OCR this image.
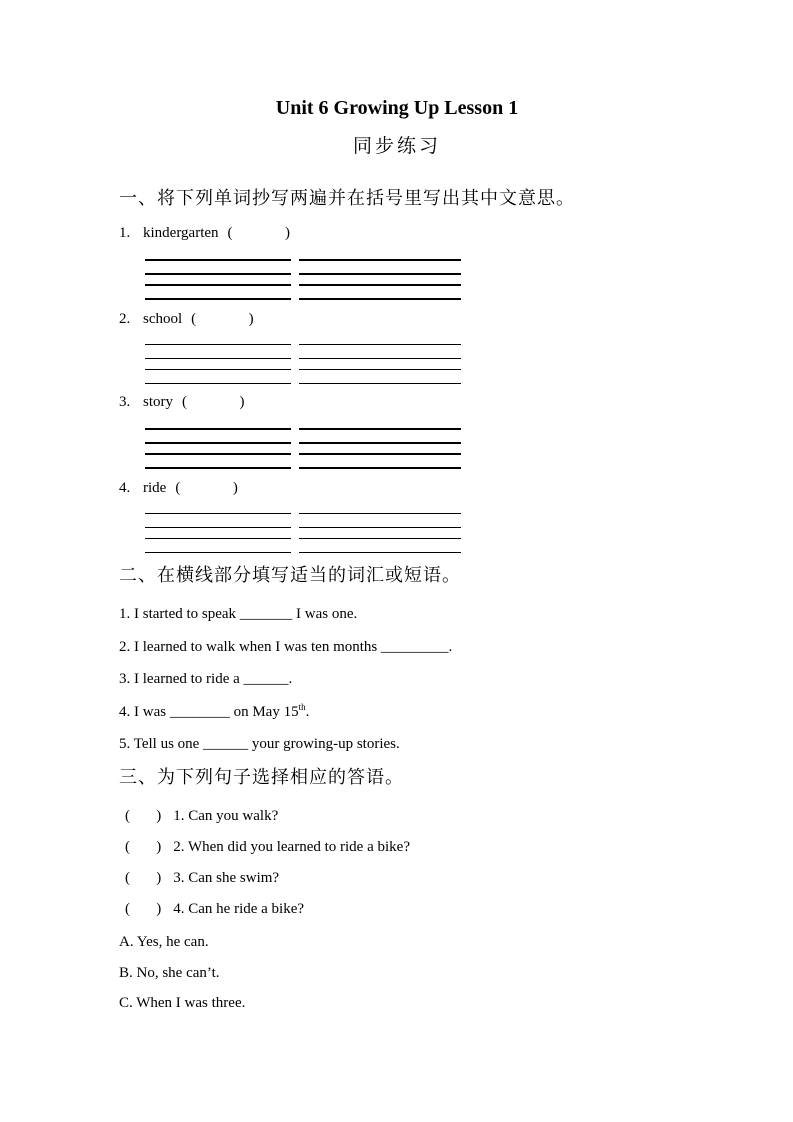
Unit 6 Growing Up Lesson 1
同步练习

一、将下列单词抄写两遍并在括号里写出其中文意思。

1. kindergarten (              )

2. school (              )

3. story (              )

4. ride (              )

二、在横线部分填写适当的词汇或短语。

1. I started to speak _______ I was one.

2. I learned to walk when I was ten months _________.

3. I learned to ride a ______.

4. I was ________ on May 15th.

5. Tell us one ______ your growing-up stories.

三、为下列句子选择相应的答语。

(       ) 1. Can you walk?

(       ) 2. When did you learned to ride a bike?

(       ) 3. Can she swim?

(       ) 4. Can he ride a bike?

A. Yes, he can.

B. No, she can’t.

C. When I was three.
